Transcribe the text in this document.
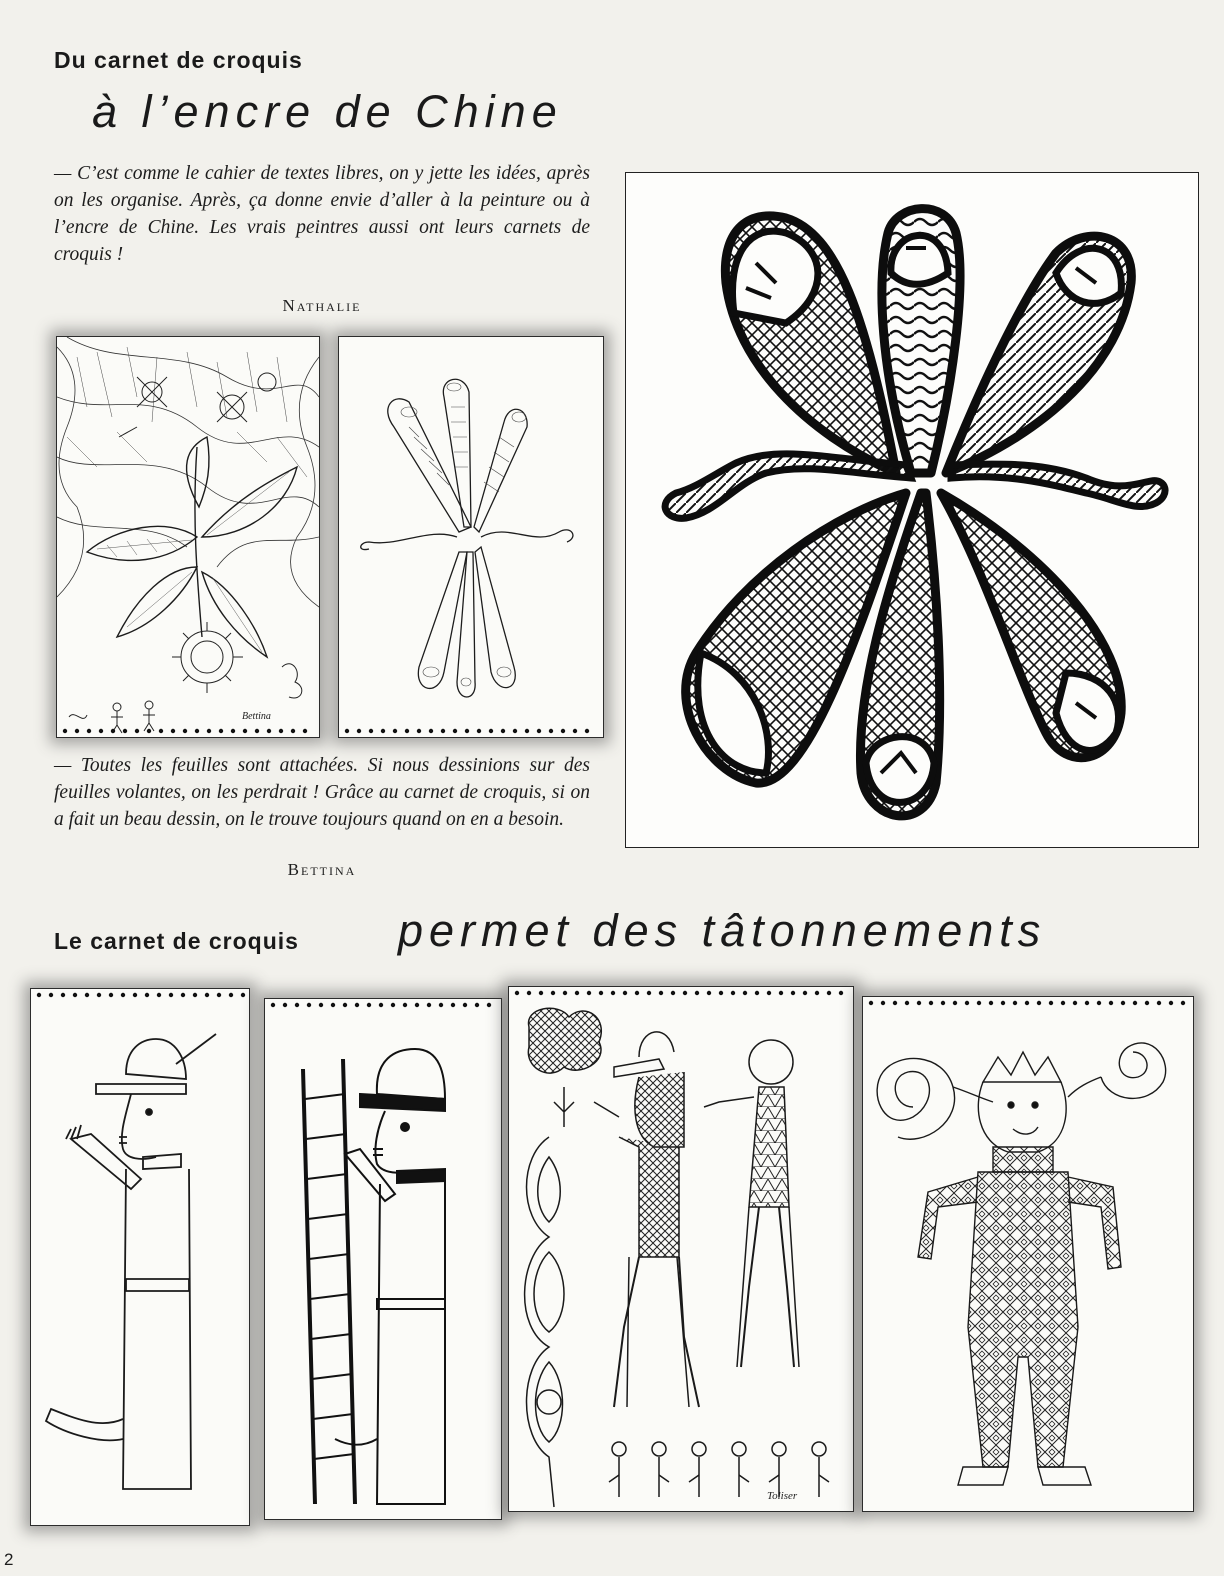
Du carnet de croquis
à l’encre de Chine
— C’est comme le cahier de textes libres, on y jette les idées, après on les organise. Après, ça donne envie d’aller à la peinture ou à l’encre de Chine. Les vrais peintres aussi ont leurs carnets de croquis !
Nathalie
Bettina
— Toutes les feuilles sont attachées. Si nous dessinions sur des feuilles volantes, on les perdrait ! Grâce au carnet de croquis, si on a fait un beau dessin, on le trouve toujours quand on en a besoin.
Bettina
Le carnet de croquis permet des tâtonnements
Toliser
2
